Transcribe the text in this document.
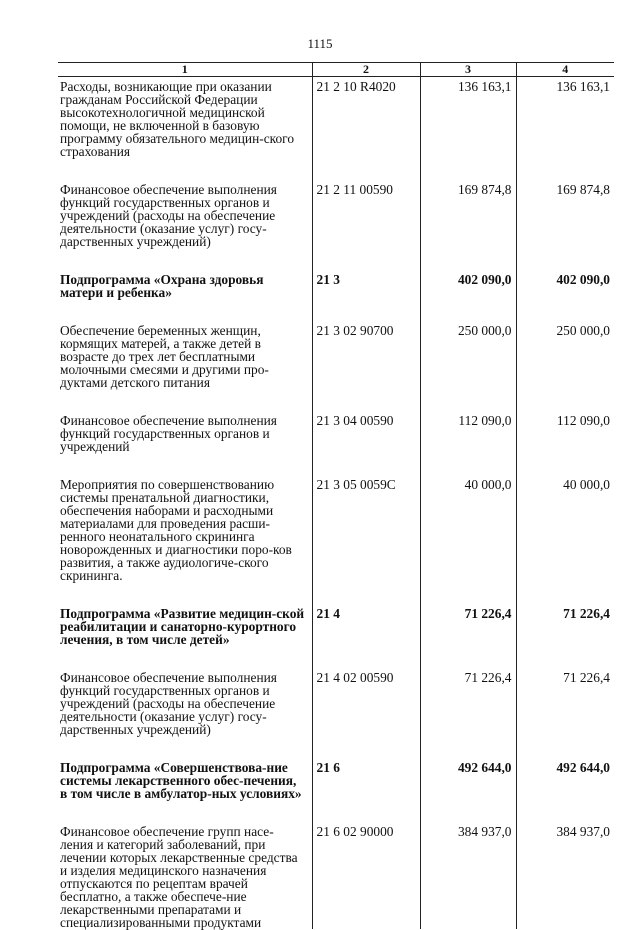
1115
1	2	3	4
Расходы, возникающие при оказании гражданам Российской Федерации высокотехнологичной медицинской помощи, не включенной в базовую программу обязательного медицин-ского страхования	21 2 10 R4020	136 163,1	136 163,1
Финансовое обеспечение выполнения функций государственных органов и учреждений (расходы на обеспечение деятельности (оказание услуг) госу-дарственных учреждений)	21 2 11 00590	169 874,8	169 874,8
Подпрограмма «Охрана здоровья матери и ребенка»	21 3	402 090,0	402 090,0
Обеспечение беременных женщин, кормящих матерей, а также детей в возрасте до трех лет бесплатными молочными смесями и другими про-дуктами детского питания	21 3 02 90700	250 000,0	250 000,0
Финансовое обеспечение выполнения функций государственных органов и учреждений	21 3 04 00590	112 090,0	112 090,0
Мероприятия по совершенствованию системы пренатальной диагностики, обеспечения наборами и расходными материалами для проведения расши-ренного неонатального скрининга новорожденных и диагностики поро-ков развития, а также аудиологиче-ского скрининга.	21 3 05 0059С	40 000,0	40 000,0
Подпрограмма «Развитие медицин-ской реабилитации и санаторно-курортного лечения, в том числе детей»	21 4	71 226,4	71 226,4
Финансовое обеспечение выполнения функций государственных органов и учреждений (расходы на обеспечение деятельности (оказание услуг) госу-дарственных учреждений)	21 4 02 00590	71 226,4	71 226,4
Подпрограмма «Совершенствова-ние системы лекарственного обес-печения, в том числе в амбулатор-ных условиях»	21 6	492 644,0	492 644,0
Финансовое обеспечение групп насе-ления и категорий заболеваний, при лечении которых лекарственные средства и изделия медицинского назначения отпускаются по рецептам врачей бесплатно, а также обеспече-ние лекарственными препаратами и специализированными продуктами	21 6 02 90000	384 937,0	384 937,0
